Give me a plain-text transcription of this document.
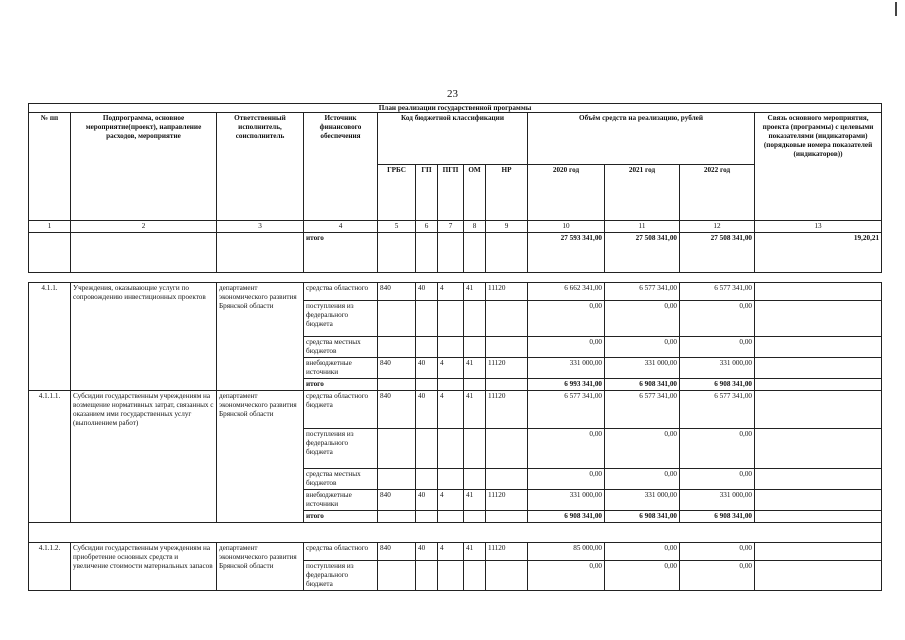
23
План реализации государственной программы												
№ пп	Подпрограмма, основное мероприятие(проект), направление расходов, мероприятие	Ответственный исполнитель, соисполнитель	Источник финансового обеспечения	Код бюджетной классификации					Объём средств на реализацию, рублей			Связь основного мероприятия, проекта (программы) с целевыми показателями (индикаторами) (порядковые номера показателей (индикаторов))
				ГРБС	ГП	ПГП	ОМ	НР	2020 год	2021 год	2022 год	
1	2	3	4	5	6	7	8	9	10	11	12	13
			итого						27 593 341,00	27 508 341,00	27 508 341,00	19,20,21

4.1.1.	Учреждения, оказывающие услуги по сопровождению инвестиционных проектов	департамент экономического развития Брянской области	средства областного	840	40	4	41	11120	6 662 341,00	6 577 341,00	6 577 341,00	
			поступления из федерального бюджета						0,00	0,00	0,00	
			средства местных бюджетов						0,00	0,00	0,00	
			внебюджетные источники	840	40	4	41	11120	331 000,00	331 000,00	331 000,00	
			итого						6 993 341,00	6 908 341,00	6 908 341,00	
4.1.1.1.	Субсидии государственным учреждениям на возмещение нормативных затрат, связанных с оказанием ими государственных услуг (выполнением работ)	департамент экономического развития Брянской области	средства областного бюджета	840	40	4	41	11120	6 577 341,00	6 577 341,00	6 577 341,00	
			поступления из федерального бюджета						0,00	0,00	0,00	
			средства местных бюджетов						0,00	0,00	0,00	
			внебюджетные источники	840	40	4	41	11120	331 000,00	331 000,00	331 000,00	
			итого						6 908 341,00	6 908 341,00	6 908 341,00	

4.1.1.2.	Субсидии государственным учреждениям на приобретение основных средств и увеличение стоимости материальных запасов	департамент экономического развития Брянской области	средства областного	840	40	4	41	11120	85 000,00	0,00	0,00	
			поступления из федерального бюджета						0,00	0,00	0,00	
